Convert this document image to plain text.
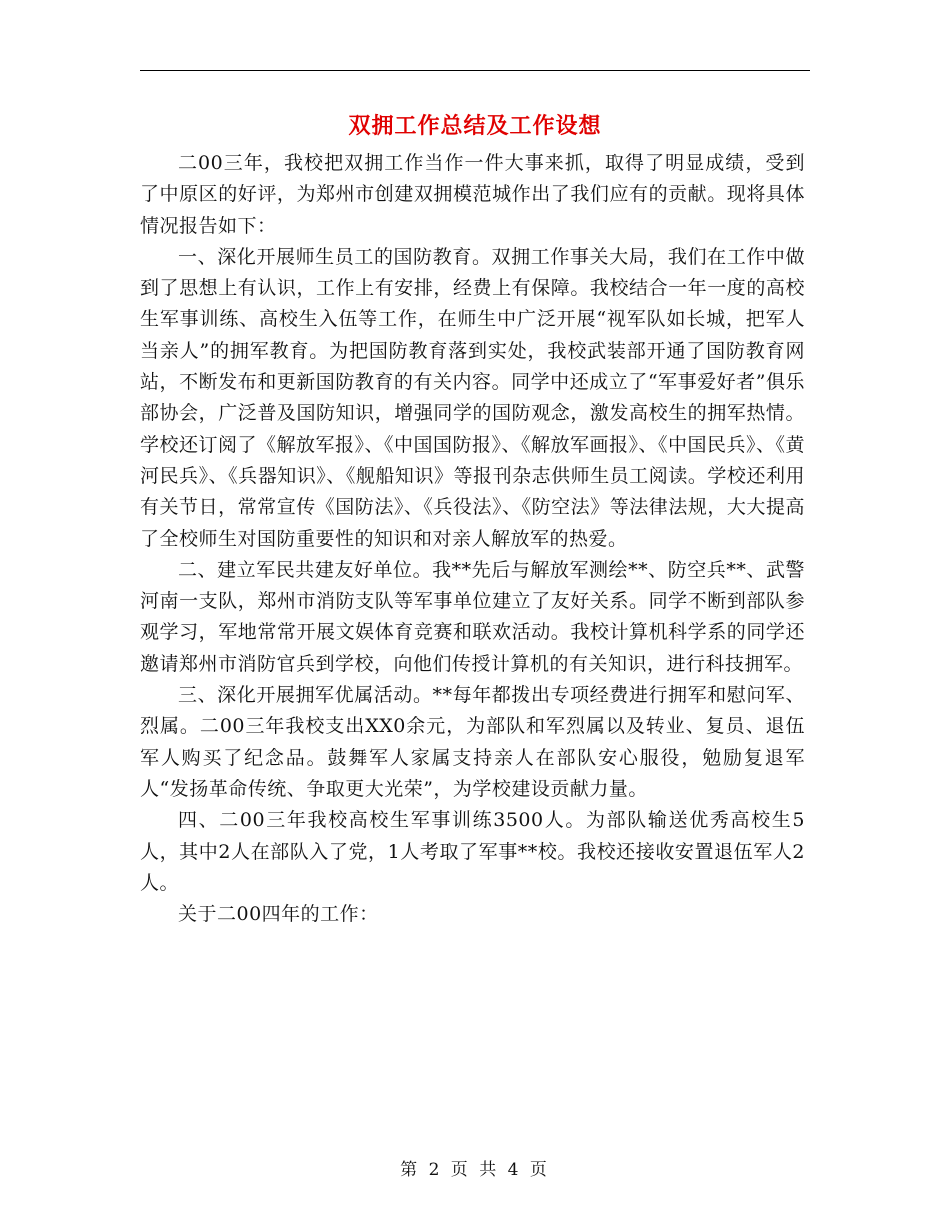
双拥工作总结及工作设想

二00三年，我校把双拥工作当作一件大事来抓，取得了明显成绩，受到了中原区的好评，为郑州市创建双拥模范城作出了我们应有的贡献。现将具体情况报告如下：

一、深化开展师生员工的国防教育。双拥工作事关大局，我们在工作中做到了思想上有认识，工作上有安排，经费上有保障。我校结合一年一度的高校生军事训练、高校生入伍等工作，在师生中广泛开展“视军队如长城，把军人当亲人”的拥军教育。为把国防教育落到实处，我校武装部开通了国防教育网站，不断发布和更新国防教育的有关内容。同学中还成立了“军事爱好者”俱乐部协会，广泛普及国防知识，增强同学的国防观念，激发高校生的拥军热情。学校还订阅了《解放军报》、《中国国防报》、《解放军画报》、《中国民兵》、《黄河民兵》、《兵器知识》、《舰船知识》等报刊杂志供师生员工阅读。学校还利用有关节日，常常宣传《国防法》、《兵役法》、《防空法》等法律法规，大大提高了全校师生对国防重要性的知识和对亲人解放军的热爱。

二、建立军民共建友好单位。我**先后与解放军测绘**、防空兵**、武警河南一支队，郑州市消防支队等军事单位建立了友好关系。同学不断到部队参观学习，军地常常开展文娱体育竞赛和联欢活动。我校计算机科学系的同学还邀请郑州市消防官兵到学校，向他们传授计算机的有关知识，进行科技拥军。

三、深化开展拥军优属活动。**每年都拨出专项经费进行拥军和慰问军、烈属。二00三年我校支出XX0余元，为部队和军烈属以及转业、复员、退伍军人购买了纪念品。鼓舞军人家属支持亲人在部队安心服役，勉励复退军人“发扬革命传统、争取更大光荣”，为学校建设贡献力量。

四、二00三年我校高校生军事训练3500人。为部队输送优秀高校生5人，其中2人在部队入了党，1人考取了军事**校。我校还接收安置退伍军人2人。

关于二00四年的工作：

第 2 页 共 4 页
